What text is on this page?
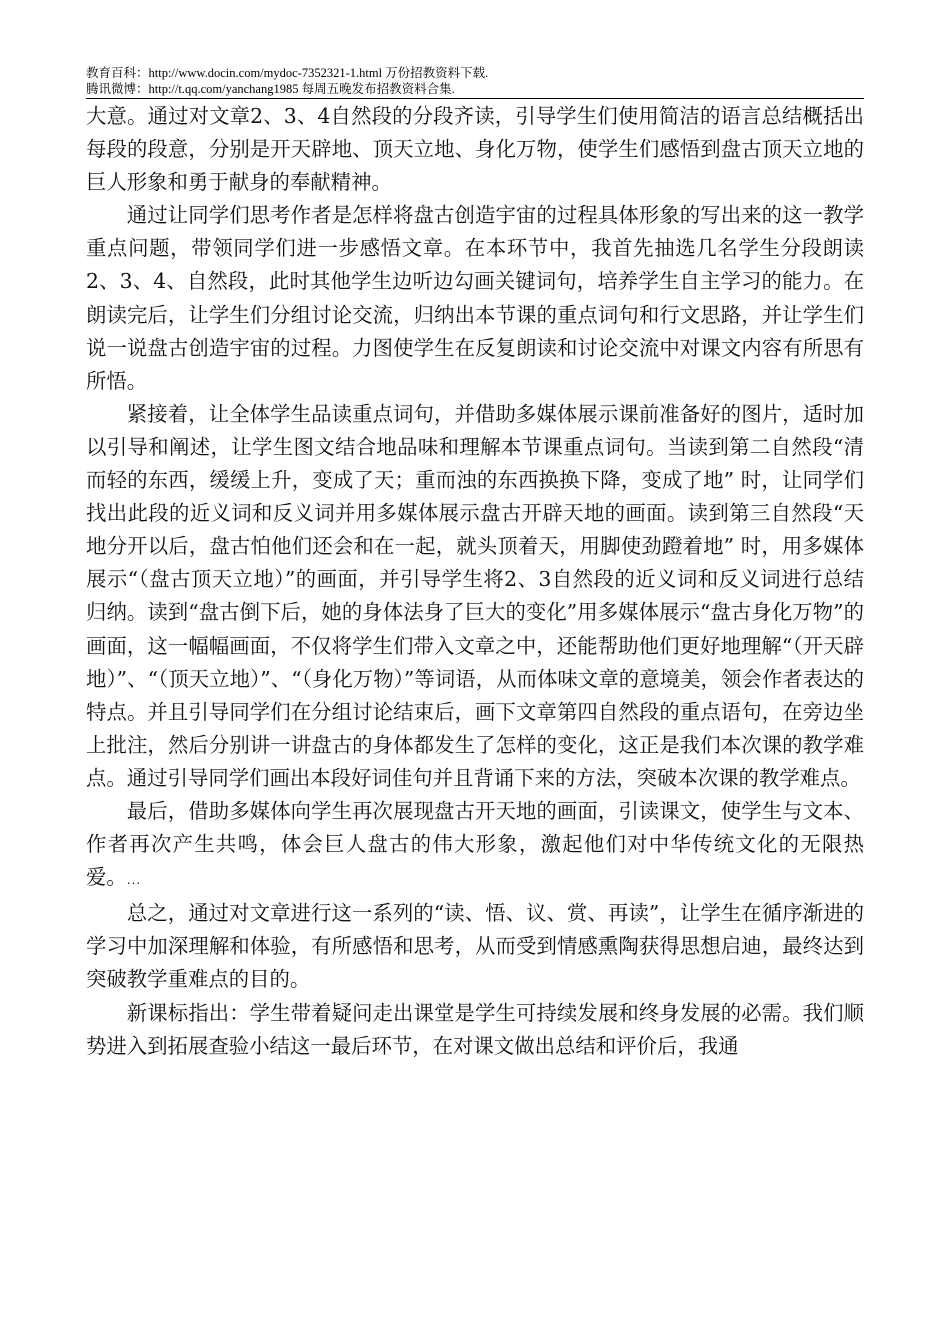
教育百科：http://www.docin.com/mydoc-7352321-1.html 万份招教资料下载.
腾讯微博：http://t.qq.com/yanchang1985 每周五晚发布招教资料合集.

大意。通过对文章2、3、4自然段的分段齐读，引导学生们使用简洁的语言总结概括出每段的段意，分别是开天辟地、顶天立地、身化万物，使学生们感悟到盘古顶天立地的巨人形象和勇于献身的奉献精神。

通过让同学们思考作者是怎样将盘古创造宇宙的过程具体形象的写出来的这一教学重点问题，带领同学们进一步感悟文章。在本环节中，我首先抽选几名学生分段朗读2、3、4、自然段，此时其他学生边听边勾画关键词句，培养学生自主学习的能力。在朗读完后，让学生们分组讨论交流，归纳出本节课的重点词句和行文思路，并让学生们说一说盘古创造宇宙的过程。力图使学生在反复朗读和讨论交流中对课文内容有所思有所悟。

紧接着，让全体学生品读重点词句，并借助多媒体展示课前准备好的图片，适时加以引导和阐述，让学生图文结合地品味和理解本节课重点词句。当读到第二自然段“清而轻的东西，缓缓上升，变成了天；重而浊的东西换换下降，变成了地” 时，让同学们找出此段的近义词和反义词并用多媒体展示盘古开辟天地的画面。读到第三自然段“天地分开以后，盘古怕他们还会和在一起，就头顶着天，用脚使劲蹬着地” 时，用多媒体展示“（盘古顶天立地）”的画面，并引导学生将2、3自然段的近义词和反义词进行总结归纳。读到“盘古倒下后，她的身体法身了巨大的变化”用多媒体展示“盘古身化万物”的画面，这一幅幅画面，不仅将学生们带入文章之中，还能帮助他们更好地理解“（开天辟地）”、“（顶天立地）”、“（身化万物）”等词语，从而体味文章的意境美，领会作者表达的特点。并且引导同学们在分组讨论结束后，画下文章第四自然段的重点语句，在旁边坐上批注，然后分别讲一讲盘古的身体都发生了怎样的变化，这正是我们本次课的教学难点。通过引导同学们画出本段好词佳句并且背诵下来的方法，突破本次课的教学难点。

最后，借助多媒体向学生再次展现盘古开天地的画面，引读课文，使学生与文本、作者再次产生共鸣，体会巨人盘古的伟大形象，激起他们对中华传统文化的无限热爱。...

总之，通过对文章进行这一系列的“读、悟、议、赏、再读”，让学生在循序渐进的学习中加深理解和体验，有所感悟和思考，从而受到情感熏陶获得思想启迪，最终达到突破教学重难点的目的。

新课标指出：学生带着疑问走出课堂是学生可持续发展和终身发展的必需。我们顺势进入到拓展查验小结这一最后环节，在对课文做出总结和评价后，我通
